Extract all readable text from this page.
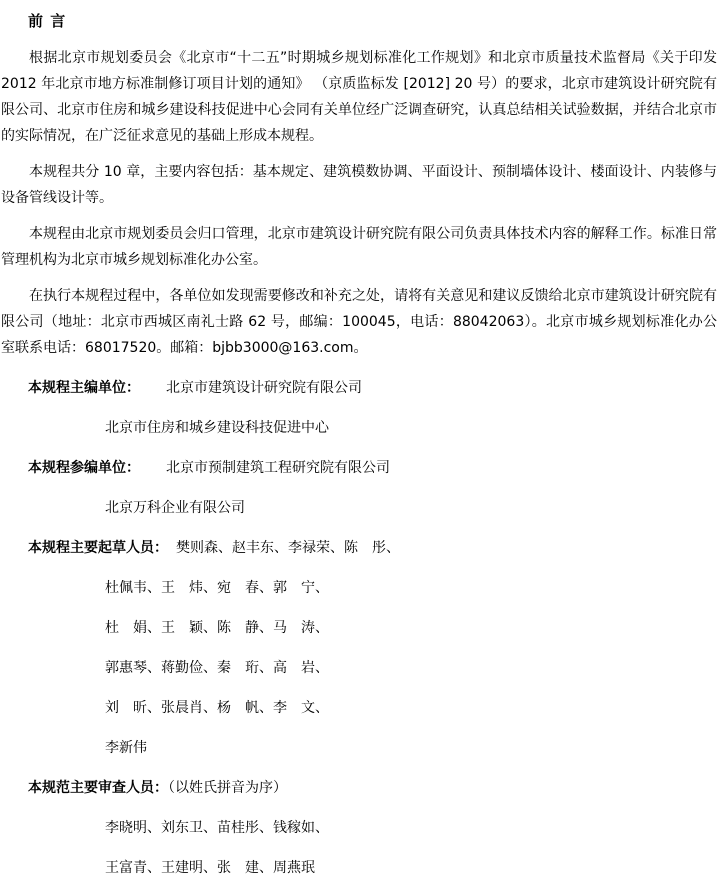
前 言

根据北京市规划委员会《北京市“十二五”时期城乡规划标准化工作规划》和北京市质量技术监督局《关于印发 2012 年北京市地方标准制修订项目计划的通知》 （京质监标发 [2012] 20 号）的要求，北京市建筑设计研究院有限公司、北京市住房和城乡建设科技促进中心会同有关单位经广泛调查研究，认真总结相关试验数据，并结合北京市的实际情况，在广泛征求意见的基础上形成本规程。

本规程共分 10 章，主要内容包括：基本规定、建筑模数协调、平面设计、预制墙体设计、楼面设计、内装修与设备管线设计等。

本规程由北京市规划委员会归口管理，北京市建筑设计研究院有限公司负责具体技术内容的解释工作。标准日常管理机构为北京市城乡规划标准化办公室。

在执行本规程过程中，各单位如发现需要修改和补充之处，请将有关意见和建议反馈给北京市建筑设计研究院有限公司（地址：北京市西城区南礼士路 62 号，邮编：100045，电话：88042063）。北京市城乡规划标准化办公室联系电话：68017520。邮箱：bjbb3000@163.com。

本规程主编单位： 北京市建筑设计研究院有限公司
北京市住房和城乡建设科技促进中心
本规程参编单位： 北京市预制建筑工程研究院有限公司
北京万科企业有限公司
本规程主要起草人员： 樊则森、赵丰东、李禄荣、陈　彤、
杜佩韦、王　炜、宛　春、郭　宁、
杜　娟、王　颖、陈　静、马　涛、
郭惠琴、蒋勤俭、秦　珩、高　岩、
刘　昕、张晨肖、杨　帆、李　文、
李新伟
本规范主要审查人员：（以姓氏拼音为序）
李晓明、刘东卫、苗桂彤、钱稼如、
王富青、王建明、张　建、周燕珉
